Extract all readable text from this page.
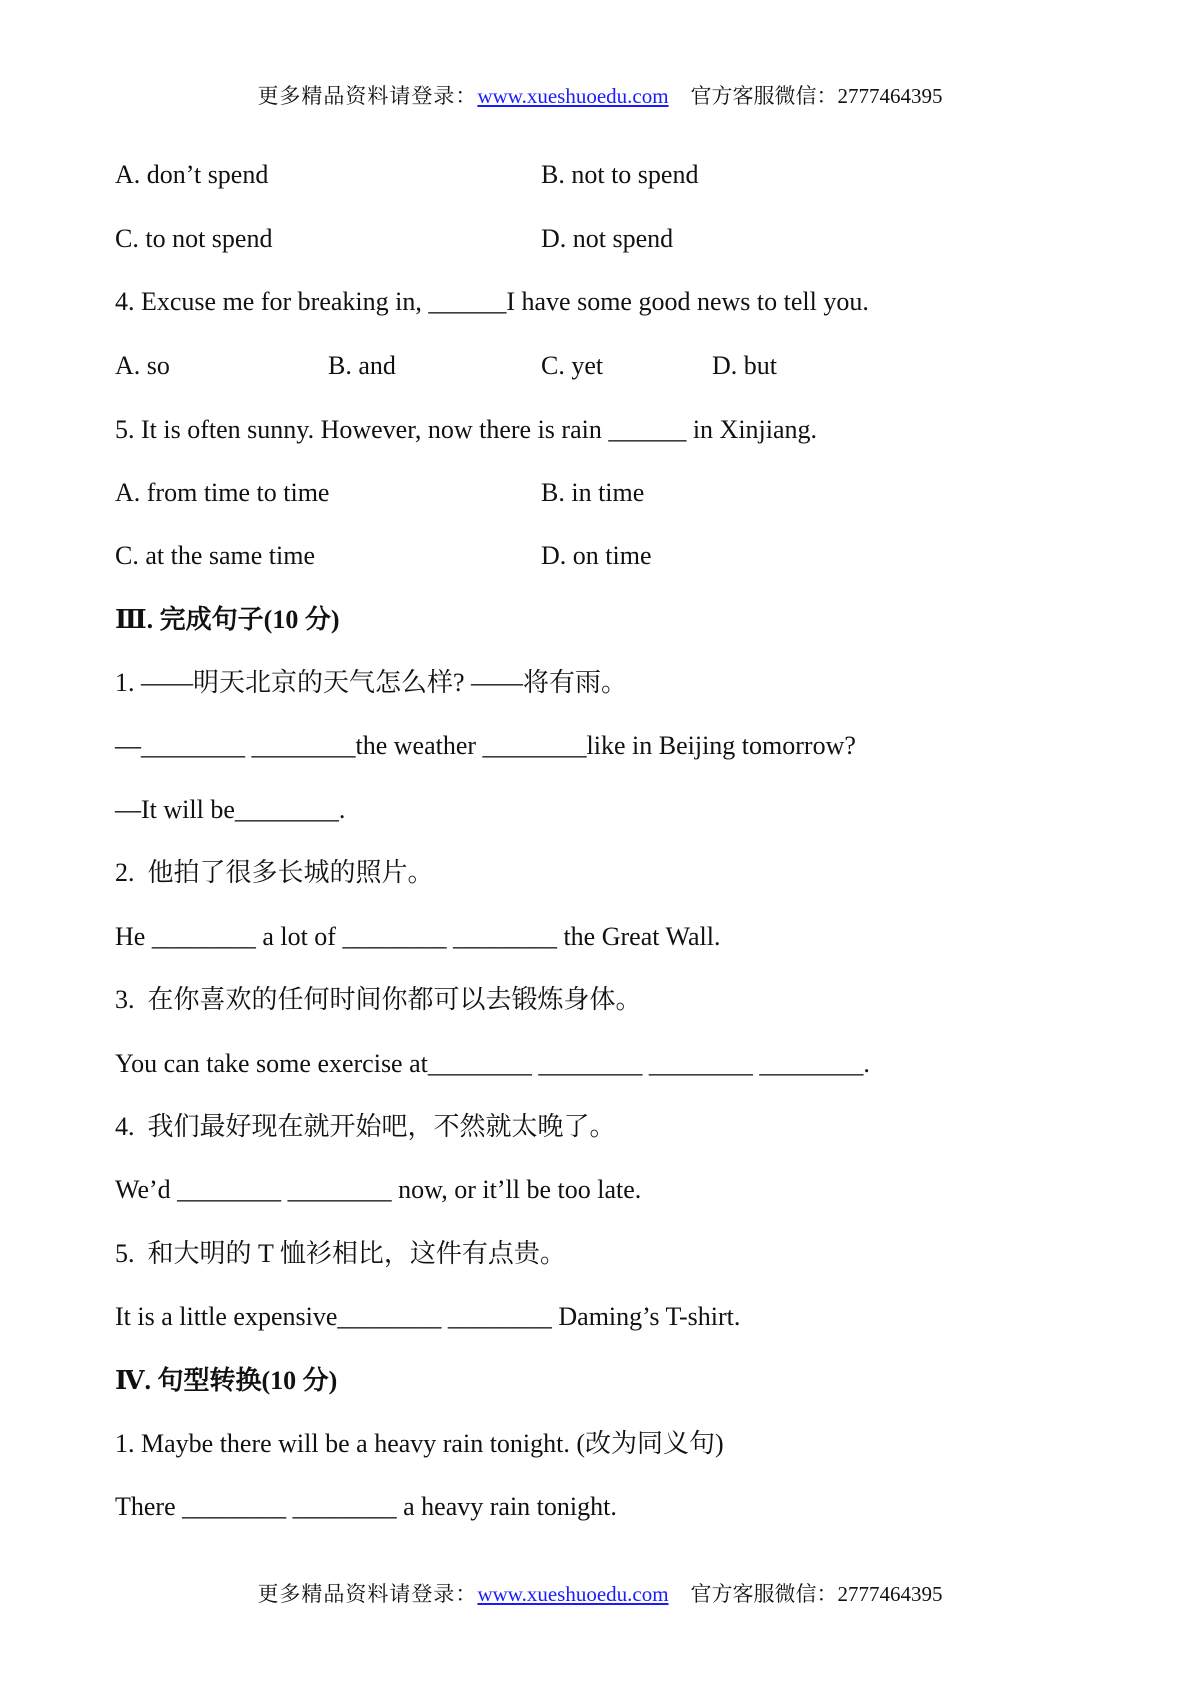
更多精品资料请登录：www.xueshuoedu.com 官方客服微信：2777464395
A. don’t spend	B. not to spend
C. to not spend	D. not spend
4. Excuse me for breaking in, ______I have some good news to tell you.
A. so	B. and	C. yet	D. but
5. It is often sunny. However, now there is rain ______ in Xinjiang.
A. from time to time	B. in time
C. at the same time	D. on time
Ⅲ. 完成句子(10 分)
1. ——明天北京的天气怎么样? ——将有雨。
—________ ________the weather ________like in Beijing tomorrow?
—It will be________.
2.  他拍了很多长城的照片。
He ________ a lot of ________ ________ the Great Wall.
3.  在你喜欢的任何时间你都可以去锻炼身体。
You can take some exercise at________ ________ ________ ________.
4.  我们最好现在就开始吧，不然就太晚了。
We’d ________ ________ now, or it’ll be too late.
5.  和大明的 T 恤衫相比，这件有点贵。
It is a little expensive________ ________ Daming’s T-shirt.
Ⅳ. 句型转换(10 分)
1. Maybe there will be a heavy rain tonight. (改为同义句)
There ________ ________ a heavy rain tonight.
更多精品资料请登录：www.xueshuoedu.com 官方客服微信：2777464395
